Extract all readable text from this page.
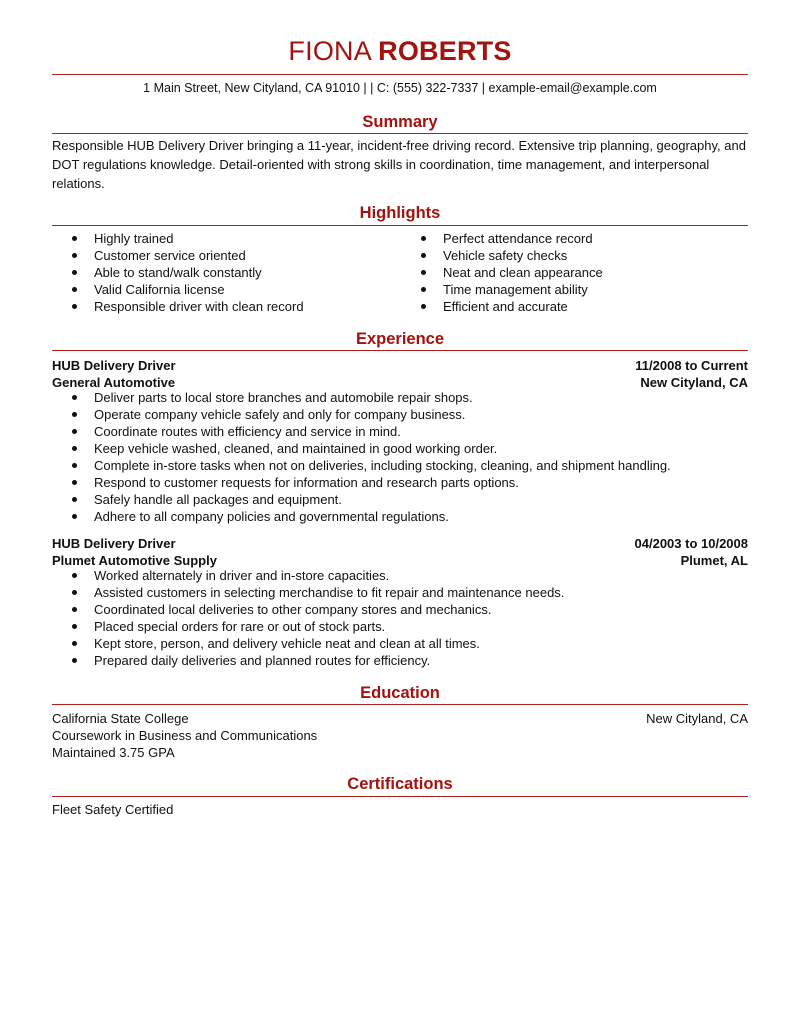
FIONA ROBERTS
1 Main Street, New Cityland, CA 91010 | | C: (555) 322-7337 | example-email@example.com
Summary
Responsible HUB Delivery Driver bringing a 11-year, incident-free driving record. Extensive trip planning, geography, and DOT regulations knowledge. Detail-oriented with strong skills in coordination, time management, and interpersonal relations.
Highlights
Highly trained
Customer service oriented
Able to stand/walk constantly
Valid California license
Responsible driver with clean record
Perfect attendance record
Vehicle safety checks
Neat and clean appearance
Time management ability
Efficient and accurate
Experience
HUB Delivery Driver	11/2008 to Current
General Automotive	New Cityland, CA
Deliver parts to local store branches and automobile repair shops.
Operate company vehicle safely and only for company business.
Coordinate routes with efficiency and service in mind.
Keep vehicle washed, cleaned, and maintained in good working order.
Complete in-store tasks when not on deliveries, including stocking, cleaning, and shipment handling.
Respond to customer requests for information and research parts options.
Safely handle all packages and equipment.
Adhere to all company policies and governmental regulations.
HUB Delivery Driver	04/2003 to 10/2008
Plumet Automotive Supply	Plumet, AL
Worked alternately in driver and in-store capacities.
Assisted customers in selecting merchandise to fit repair and maintenance needs.
Coordinated local deliveries to other company stores and mechanics.
Placed special orders for rare or out of stock parts.
Kept store, person, and delivery vehicle neat and clean at all times.
Prepared daily deliveries and planned routes for efficiency.
Education
California State College	New Cityland, CA
Coursework in Business and Communications
Maintained 3.75 GPA
Certifications
Fleet Safety Certified
